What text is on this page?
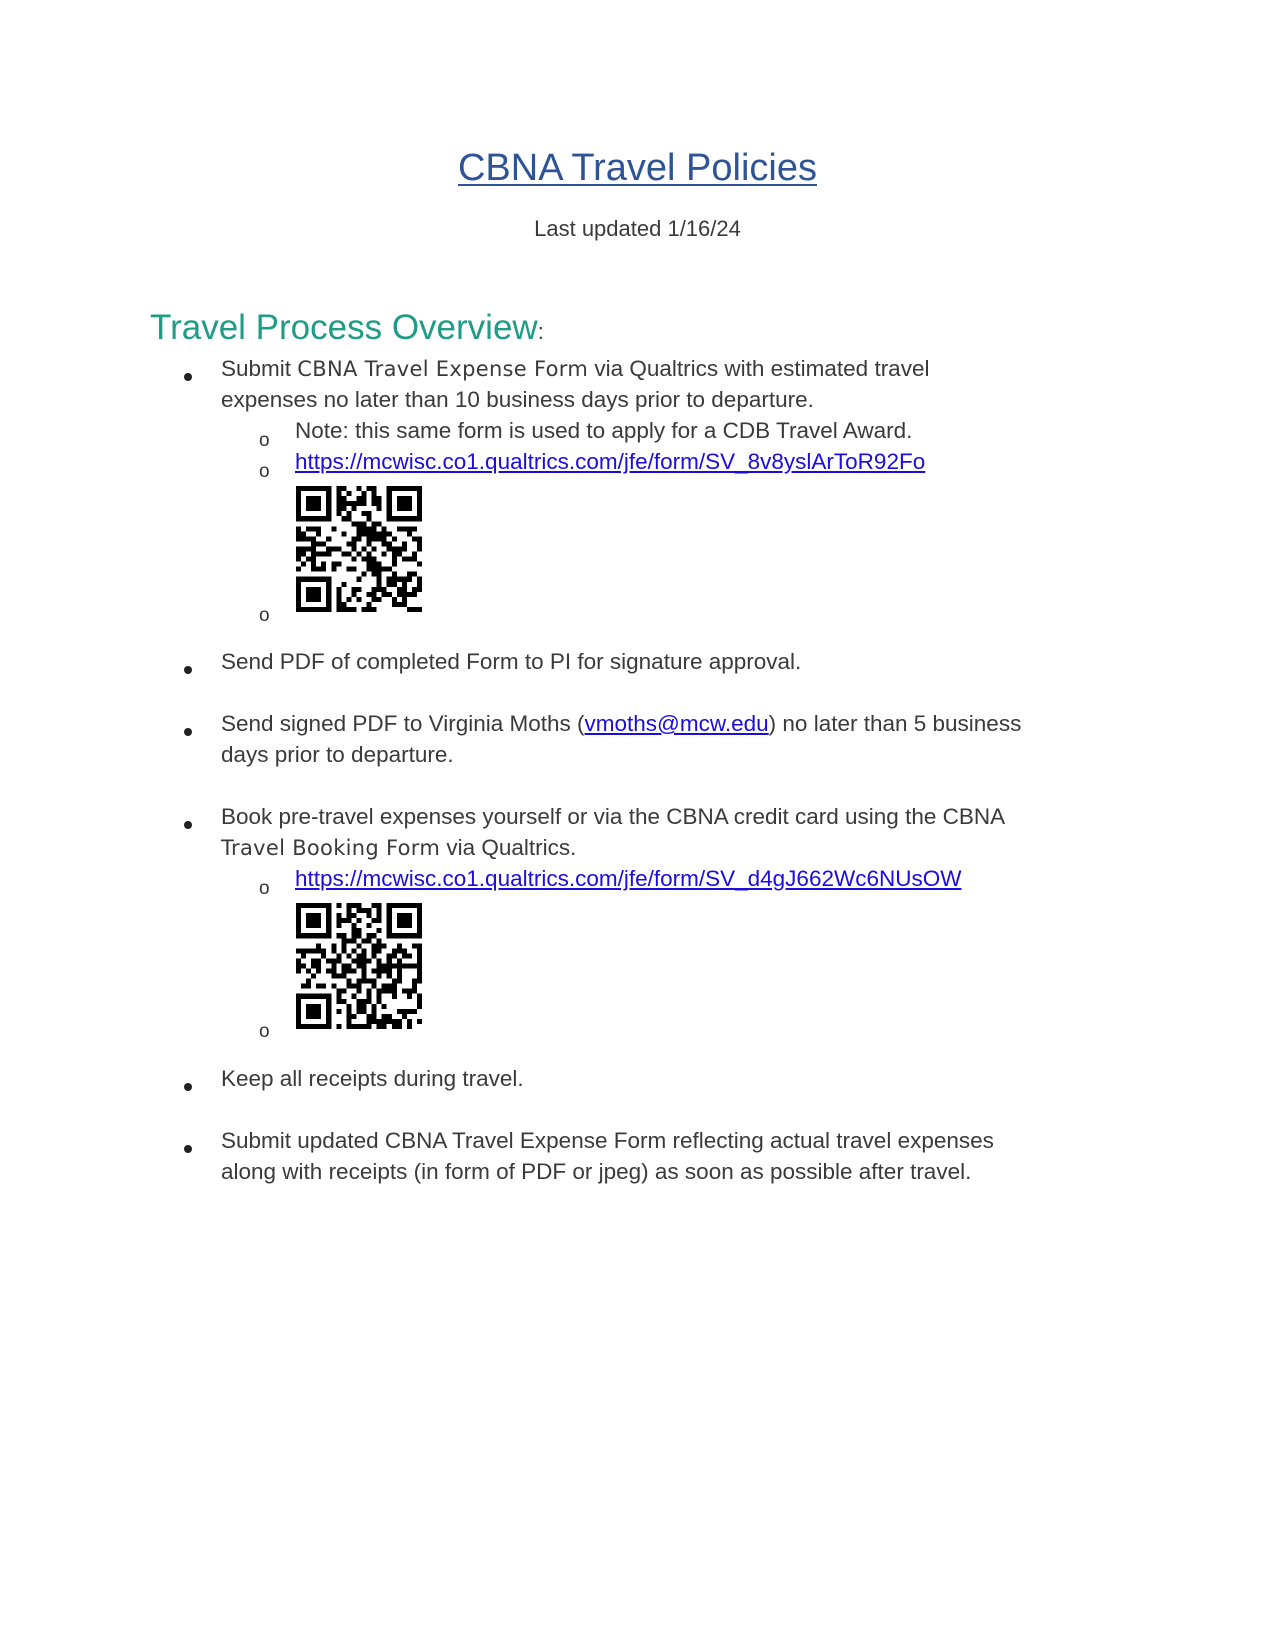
CBNA Travel Policies
Last updated 1/16/24
Travel Process Overview:
Submit CBNA Travel Expense Form via Qualtrics with estimated travel
expenses no later than 10 business days prior to departure.
o Note: this same form is used to apply for a CDB Travel Award.
o https://mcwisc.co1.qualtrics.com/jfe/form/SV_8v8yslArToR92Fo
o
Send PDF of completed Form to PI for signature approval.
Send signed PDF to Virginia Moths (vmoths@mcw.edu) no later than 5 business
days prior to departure.
Book pre-travel expenses yourself or via the CBNA credit card using the CBNA
Travel Booking Form via Qualtrics.
o https://mcwisc.co1.qualtrics.com/jfe/form/SV_d4gJ662Wc6NUsOW
o
Keep all receipts during travel.
Submit updated CBNA Travel Expense Form reflecting actual travel expenses
along with receipts (in form of PDF or jpeg) as soon as possible after travel.
